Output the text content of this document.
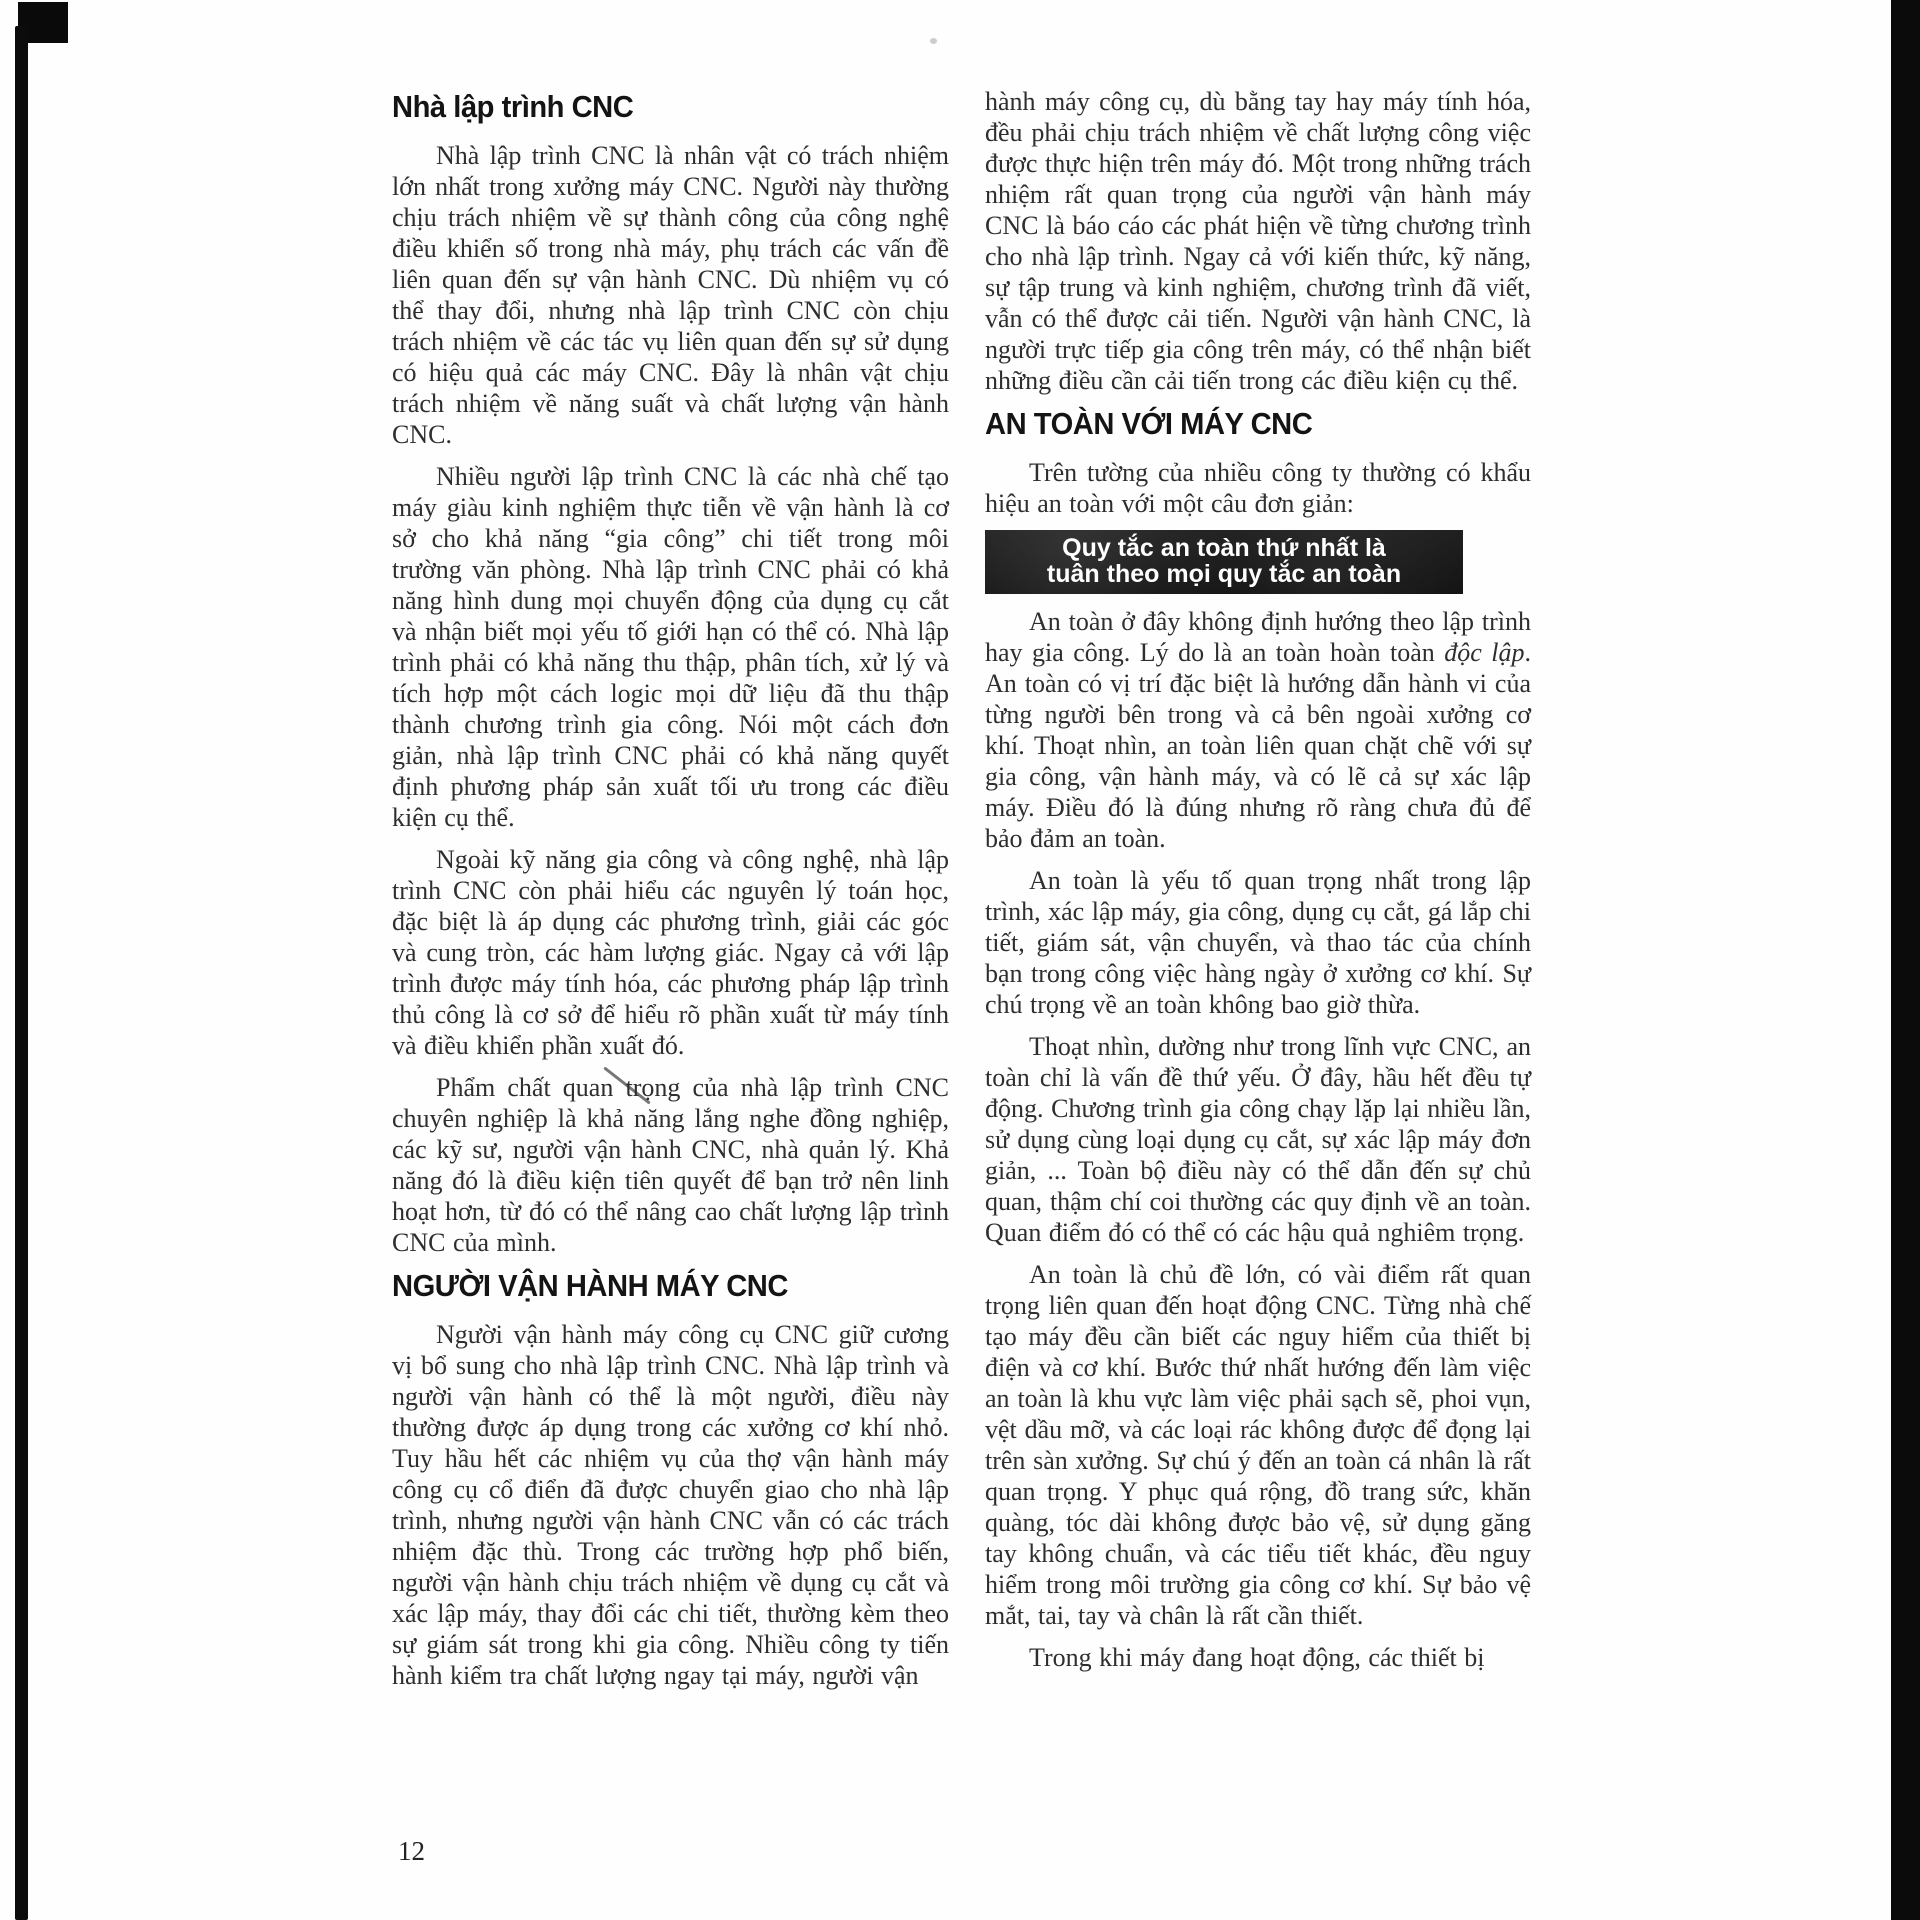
Nhà lập trình CNC

Nhà lập trình CNC là nhân vật có trách nhiệm lớn nhất trong xưởng máy CNC. Người này thường chịu trách nhiệm về sự thành công của công nghệ điều khiển số trong nhà máy, phụ trách các vấn đề liên quan đến sự vận hành CNC. Dù nhiệm vụ có thể thay đổi, nhưng nhà lập trình CNC còn chịu trách nhiệm về các tác vụ liên quan đến sự sử dụng có hiệu quả các máy CNC. Đây là nhân vật chịu trách nhiệm về năng suất và chất lượng vận hành CNC.

Nhiều người lập trình CNC là các nhà chế tạo máy giàu kinh nghiệm thực tiễn về vận hành là cơ sở cho khả năng “gia công” chi tiết trong môi trường văn phòng. Nhà lập trình CNC phải có khả năng hình dung mọi chuyển động của dụng cụ cắt và nhận biết mọi yếu tố giới hạn có thể có. Nhà lập trình phải có khả năng thu thập, phân tích, xử lý và tích hợp một cách logic mọi dữ liệu đã thu thập thành chương trình gia công. Nói một cách đơn giản, nhà lập trình CNC phải có khả năng quyết định phương pháp sản xuất tối ưu trong các điều kiện cụ thể.

Ngoài kỹ năng gia công và công nghệ, nhà lập trình CNC còn phải hiểu các nguyên lý toán học, đặc biệt là áp dụng các phương trình, giải các góc và cung tròn, các hàm lượng giác. Ngay cả với lập trình được máy tính hóa, các phương pháp lập trình thủ công là cơ sở để hiểu rõ phần xuất từ máy tính và điều khiển phần xuất đó.

Phẩm chất quan trọng của nhà lập trình CNC chuyên nghiệp là khả năng lắng nghe đồng nghiệp, các kỹ sư, người vận hành CNC, nhà quản lý. Khả năng đó là điều kiện tiên quyết để bạn trở nên linh hoạt hơn, từ đó có thể nâng cao chất lượng lập trình CNC của mình.

NGƯỜI VẬN HÀNH MÁY CNC

Người vận hành máy công cụ CNC giữ cương vị bổ sung cho nhà lập trình CNC. Nhà lập trình và người vận hành có thể là một người, điều này thường được áp dụng trong các xưởng cơ khí nhỏ. Tuy hầu hết các nhiệm vụ của thợ vận hành máy công cụ cổ điển đã được chuyển giao cho nhà lập trình, nhưng người vận hành CNC vẫn có các trách nhiệm đặc thù. Trong các trường hợp phổ biến, người vận hành chịu trách nhiệm về dụng cụ cắt và xác lập máy, thay đổi các chi tiết, thường kèm theo sự giám sát trong khi gia công. Nhiều công ty tiến hành kiểm tra chất lượng ngay tại máy, người vận

hành máy công cụ, dù bằng tay hay máy tính hóa, đều phải chịu trách nhiệm về chất lượng công việc được thực hiện trên máy đó. Một trong những trách nhiệm rất quan trọng của người vận hành máy CNC là báo cáo các phát hiện về từng chương trình cho nhà lập trình. Ngay cả với kiến thức, kỹ năng, sự tập trung và kinh nghiệm, chương trình đã viết, vẫn có thể được cải tiến. Người vận hành CNC, là người trực tiếp gia công trên máy, có thể nhận biết những điều cần cải tiến trong các điều kiện cụ thể.

AN TOÀN VỚI MÁY CNC

Trên tường của nhiều công ty thường có khẩu hiệu an toàn với một câu đơn giản:

Quy tắc an toàn thứ nhất là
tuân theo mọi quy tắc an toàn

An toàn ở đây không định hướng theo lập trình hay gia công. Lý do là an toàn hoàn toàn độc lập. An toàn có vị trí đặc biệt là hướng dẫn hành vi của từng người bên trong và cả bên ngoài xưởng cơ khí. Thoạt nhìn, an toàn liên quan chặt chẽ với sự gia công, vận hành máy, và có lẽ cả sự xác lập máy. Điều đó là đúng nhưng rõ ràng chưa đủ để bảo đảm an toàn.

An toàn là yếu tố quan trọng nhất trong lập trình, xác lập máy, gia công, dụng cụ cắt, gá lắp chi tiết, giám sát, vận chuyển, và thao tác của chính bạn trong công việc hàng ngày ở xưởng cơ khí. Sự chú trọng về an toàn không bao giờ thừa.

Thoạt nhìn, dường như trong lĩnh vực CNC, an toàn chỉ là vấn đề thứ yếu. Ở đây, hầu hết đều tự động. Chương trình gia công chạy lặp lại nhiều lần, sử dụng cùng loại dụng cụ cắt, sự xác lập máy đơn giản, ... Toàn bộ điều này có thể dẫn đến sự chủ quan, thậm chí coi thường các quy định về an toàn. Quan điểm đó có thể có các hậu quả nghiêm trọng.

An toàn là chủ đề lớn, có vài điểm rất quan trọng liên quan đến hoạt động CNC. Từng nhà chế tạo máy đều cần biết các nguy hiểm của thiết bị điện và cơ khí. Bước thứ nhất hướng đến làm việc an toàn là khu vực làm việc phải sạch sẽ, phoi vụn, vệt dầu mỡ, và các loại rác không được để đọng lại trên sàn xưởng. Sự chú ý đến an toàn cá nhân là rất quan trọng. Y phục quá rộng, đồ trang sức, khăn quàng, tóc dài không được bảo vệ, sử dụng găng tay không chuẩn, và các tiểu tiết khác, đều nguy hiểm trong môi trường gia công cơ khí. Sự bảo vệ mắt, tai, tay và chân là rất cần thiết.

Trong khi máy đang hoạt động, các thiết bị

12
